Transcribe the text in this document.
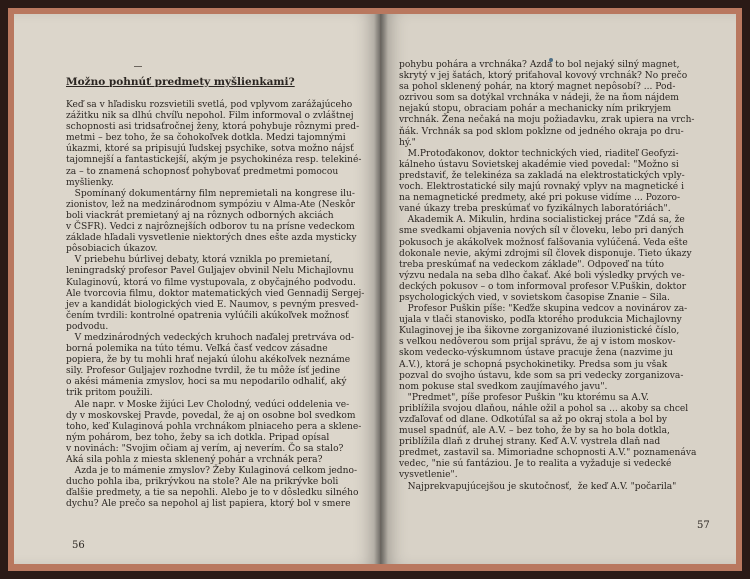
Možno pohnúť predmety myšlienkami?
Keď sa v hľadisku rozsvietili svetlá, pod vplyvom zarážajúceho
zážitku nik sa dlhú chvíľu nepohol. Film informoval o zvláštnej
schopnosti asi tridsaťročnej ženy, ktorá pohybuje rôznymi pred-
metmi – bez toho, že sa čohokoľvek dotkla. Medzi tajomnými
úkazmi, ktoré sa pripisujú ľudskej psychike, sotva možno nájsť
tajomnejší a fantastickejší, akým je psychokinéza resp. telekiné-
za – to znamená schopnosť pohybovať predmetmi pomocou
myšlienky.
Spomínaný dokumentárny film nepremietali na kongrese ilu-
zionistov, lež na medzinárodnom sympóziu v Alma-Ate (Neskôr
boli viackrát premietaný aj na rôznych odborných akciách
v ČSFR). Vedci z najrôznejších odborov tu na prísne vedeckom
základe hľadali vysvetlenie niektorých dnes ešte azda mysticky
pôsobiacich úkazov.
V priebehu búrlivej debaty, ktorá vznikla po premietaní,
leningradský profesor Pavel Guljajev obvinil Nelu Michajlovnu
Kulaginovú, ktorá vo filme vystupovala, z obyčajného podvodu.
Ale tvorcovia filmu, doktor matematických vied Gennadij Sergej-
jev a kandidát biologických vied E. Naumov, s pevným presved-
čením tvrdili: kontrolné opatrenia vylúčili akúkoľvek možnosť
podvodu.
V medzinárodných vedeckých kruhoch naďalej pretrváva od-
borná polemika na túto tému. Veľká časť vedcov zásadne
popiera, že by tu mohli hrať nejakú úlohu akékoľvek neznáme
sily. Profesor Guljajev rozhodne tvrdil, že tu môže ísť jedine
o akési mámenia zmyslov, hoci sa mu nepodarilo odhaliť, aký
trik pritom použili.
Ale napr. v Moske žijúci Lev Cholodný, vedúci oddelenia ve-
dy v moskovskej Pravde, povedal, že aj on osobne bol svedkom
toho, keď Kulaginová pohla vrchnákom plniaceho pera a sklene-
ným pohárom, bez toho, žeby sa ich dotkla. Pripad opísal
v novinách: "Svojim očiam aj verím, aj neverím. Čo sa stalo?
Aká sila pohla z miesta sklenený pohár a vrchnák pera?
Azda je to mámenie zmyslov? Žeby Kulaginová celkom jedno-
ducho pohla iba, prikrývkou na stole? Ale na prikrývke boli
ďalšie predmety, a tie sa nepohli. Alebo je to v dôsledku silného
dychu? Ale prečo sa nepohol aj list papiera, ktorý bol v smere
56
pohybu pohára a vrchnáka? Azda to bol nejaký silný magnet,
skrytý v jej šatách, ktorý priťahoval kovový vrchnák? No prečo
sa pohol sklenený pohár, na ktorý magnet nepôsobí? ... Pod-
ozrivou som sa dotýkal vrchnáka v nádeji, že na ňom nájdem
nejakú stopu, obraciam pohár a mechanicky ním prikryjem
vrchnák. Žena nečaká na moju požiadavku, zrak upiera na vrch-
ňák. Vrchnák sa pod sklom pokĺzne od jedného okraja po dru-
hý."
M.Protoďakonov, doktor technických vied, riaditeľ Geofyzi-
kálneho ústavu Sovietskej akadémie vied povedal: "Možno si
predstaviť, že telekinéza sa zakladá na elektrostatických vply-
voch. Elektrostatické sily majú rovnaký vplyv na magnetické i
na nemagnetické predmety, aké pri pokuse vidíme ... Pozoro-
vané úkazy treba preskúmať vo fyzikálnych laboratóriách".
Akademik A. Mikulin, hrdina socialistickej práce "Zdá sa, že
sme svedkami objavenia nových síl v človeku, lebo pri daných
pokusoch je akákoľvek možnosť falšovania vylúčená. Veda ešte
dokonale nevie, akými zdrojmi síl človek disponuje. Tieto úkazy
treba preskúmať na vedeckom základe". Odpoveď na túto
výzvu nedala na seba dlho čakať. Aké boli výsledky prvých ve-
deckých pokusov – o tom informoval profesor V.Puškin, doktor
psychologických vied, v sovietskom časopise Znanie – Sila.
Profesor Puškin píše: "Keďže skupina vedcov a novinárov za-
ujala v tlači stanovisko, podľa ktorého produkcia Michajlovny
Kulaginovej je iba šikovne zorganizované iluzionistické číslo,
s veľkou nedôverou som prijal správu, že aj v istom moskov-
skom vedecko-výskumnom ústave pracuje žena (nazvime ju
A.V.), ktorá je schopná psychokinetiky. Predsa som ju však
pozval do svojho ústavu, kde som sa pri vedecky zorganizova-
nom pokuse stal svedkom zaujímavého javu".
"Predmet", píše profesor Puškin "ku ktorému sa A.V.
priblížila svojou dlaňou, náhle ožil a pohol sa ... akoby sa chcel
vzďaľovať od dlane. Odkotúľal sa až po okraj stola a bol by
musel spadnúť, ale A.V. – bez toho, že by sa ho bola dotkla,
priblížila dlaň z druhej strany. Keď A.V. vystrela dlaň nad
predmet, zastavil sa. Mimoriadne schopnosti A.V." poznamenáva
vedec, "nie sú fantáziou. Je to realita a vyžaduje si vedecké
vysvetlenie".
Najprekvapujúcejšou je skutočnosť,  že keď A.V. "počarila"
57
